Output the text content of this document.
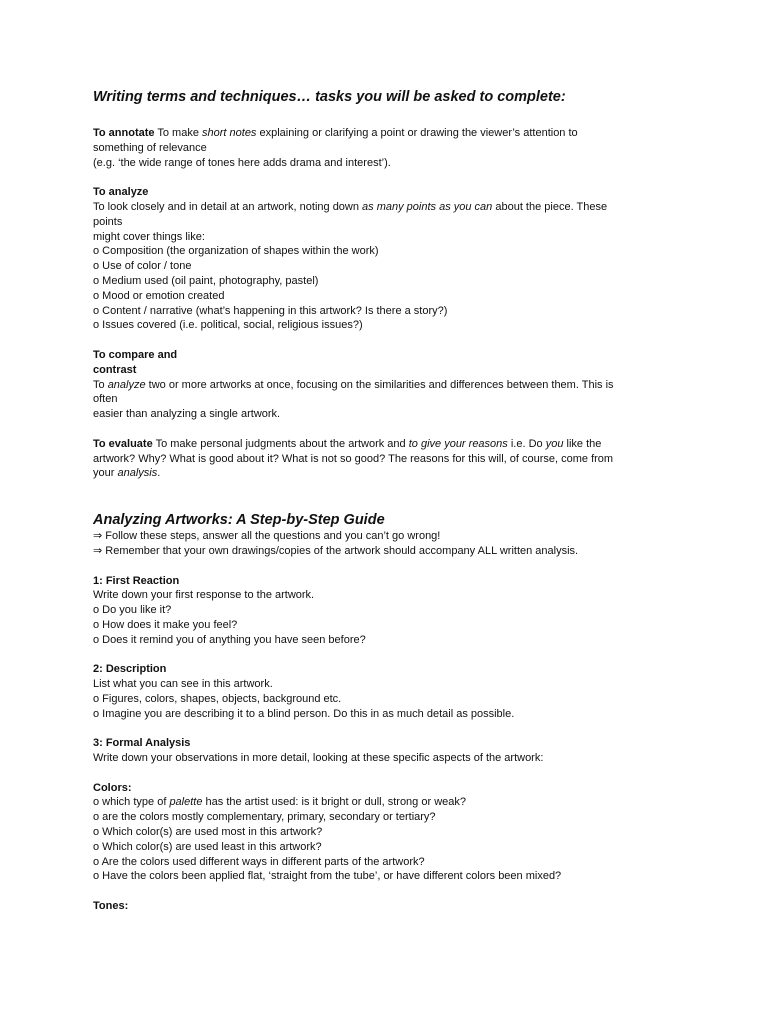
Writing terms and techniques… tasks you will be asked to complete:

To annotate To make short notes explaining or clarifying a point or drawing the viewer’s attention to

something of relevance

(e.g. ‘the wide range of tones here adds drama and interest’).

To analyze

To look closely and in detail at an artwork, noting down as many points as you can about the piece. These

points

might cover things like:

o Composition (the organization of shapes within the work)

o Use of color / tone

o Medium used (oil paint, photography, pastel)

o Mood or emotion created

o Content / narrative (what’s happening in this artwork? Is there a story?)

o Issues covered (i.e. political, social, religious issues?)

To compare and

contrast

To analyze two or more artworks at once, focusing on the similarities and differences between them. This is

often

easier than analyzing a single artwork.

To evaluate To make personal judgments about the artwork and to give your reasons i.e. Do you like the

artwork? Why? What is good about it? What is not so good? The reasons for this will, of course, come from

your analysis.

Analyzing Artworks: A Step-by-Step Guide

⇒ Follow these steps, answer all the questions and you can’t go wrong!

⇒ Remember that your own drawings/copies of the artwork should accompany ALL written analysis.

1: First Reaction

Write down your first response to the artwork.

o Do you like it?

o How does it make you feel?

o Does it remind you of anything you have seen before?

2: Description

List what you can see in this artwork.

o Figures, colors, shapes, objects, background etc.

o Imagine you are describing it to a blind person. Do this in as much detail as possible.

3: Formal Analysis

Write down your observations in more detail, looking at these specific aspects of the artwork:

Colors:

o which type of palette has the artist used: is it bright or dull, strong or weak?

o are the colors mostly complementary, primary, secondary or tertiary?

o Which color(s) are used most in this artwork?

o Which color(s) are used least in this artwork?

o Are the colors used different ways in different parts of the artwork?

o Have the colors been applied flat, ‘straight from the tube’, or have different colors been mixed?

Tones:
